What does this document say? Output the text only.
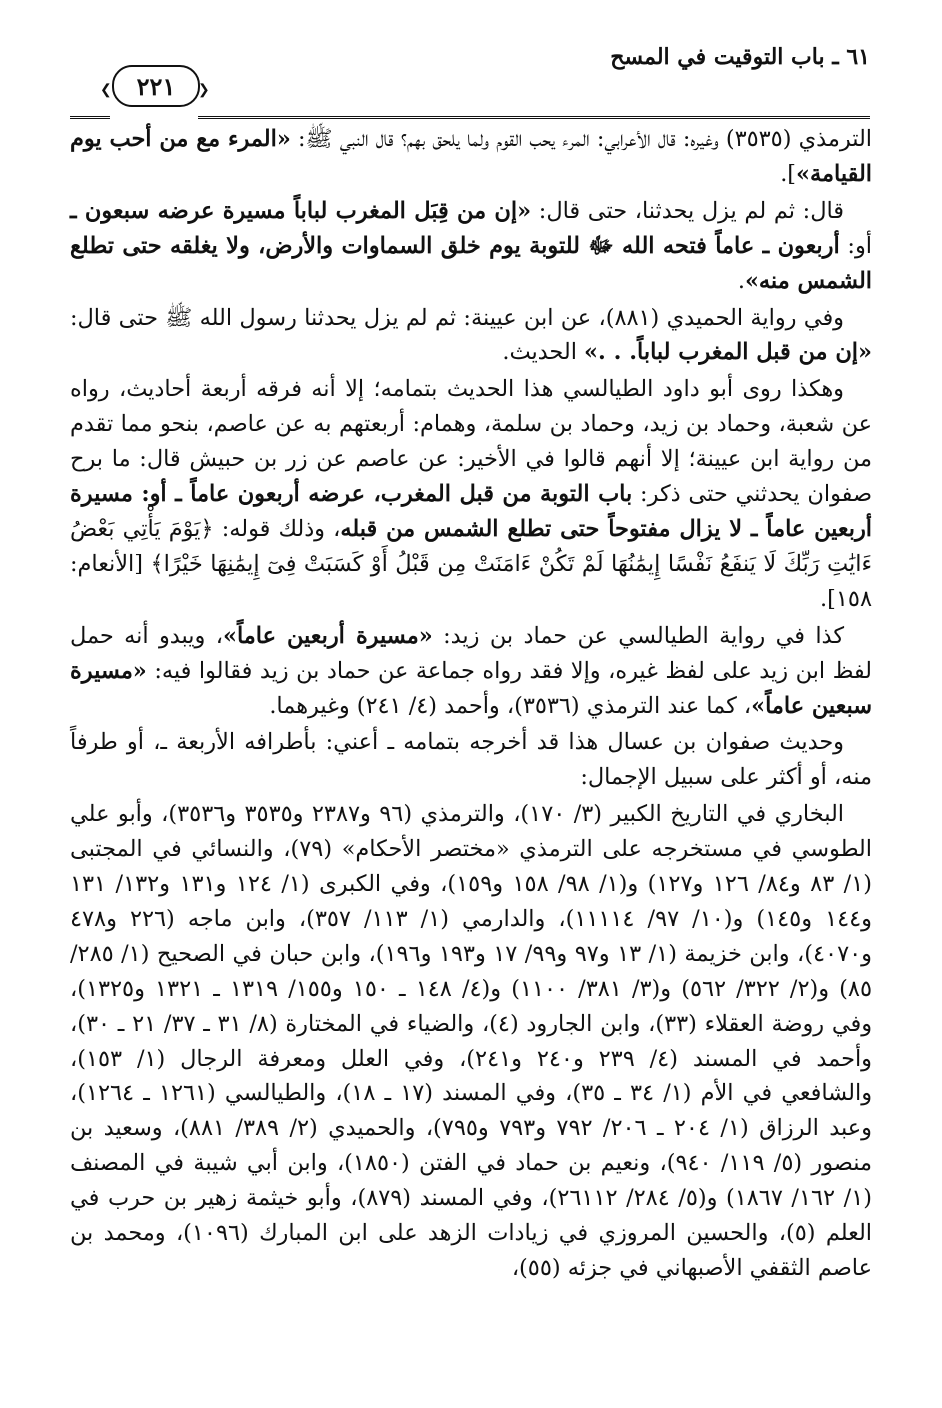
٦١ ـ باب التوقيت في المسح
٢٢١
❮	❯

الترمذي (٣٥٣٥) وغيره: قال الأعرابي: المرء يحب القوم ولما يلحق بهم؟ قال النبي ﷺ: «المرء مع من أحب يوم القيامة»].

قال: ثم لم يزل يحدثنا، حتى قال: «إن من قِبَل المغرب لباباً مسيرة عرضه سبعون ـ أو: أربعون ـ عاماً فتحه الله ﷻ للتوبة يوم خلق السماوات والأرض، ولا يغلقه حتى تطلع الشمس منه».

وفي رواية الحميدي (٨٨١)، عن ابن عيينة: ثم لم يزل يحدثنا رسول الله ﷺ حتى قال: «إن من قبل المغرب لباباً. . .» الحديث.

وهكذا روى أبو داود الطيالسي هذا الحديث بتمامه؛ إلا أنه فرقه أربعة أحاديث، رواه عن شعبة، وحماد بن زيد، وحماد بن سلمة، وهمام: أربعتهم به عن عاصم، بنحو مما تقدم من رواية ابن عيينة؛ إلا أنهم قالوا في الأخير: عن عاصم عن زر بن حبيش قال: ما برح صفوان يحدثني حتى ذكر: باب التوبة من قبل المغرب، عرضه أربعون عاماً ـ أو: مسيرة أربعين عاماً ـ لا يزال مفتوحاً حتى تطلع الشمس من قبله، وذلك قوله: ﴿يَوْمَ يَأْتِي بَعْضُ ءَايَٰتِ رَبِّكَ لَا يَنفَعُ نَفْسًا إِيمَٰنُهَا لَمْ تَكُنْ ءَامَنَتْ مِن قَبْلُ أَوْ كَسَبَتْ فِىٓ إِيمَٰنِهَا خَيْرًا﴾ [الأنعام: ١٥٨].

كذا في رواية الطيالسي عن حماد بن زيد: «مسيرة أربعين عاماً»، ويبدو أنه حمل لفظ ابن زيد على لفظ غيره، وإلا فقد رواه جماعة عن حماد بن زيد فقالوا فيه: «مسيرة سبعين عاماً»، كما عند الترمذي (٣٥٣٦)، وأحمد (٤/ ٢٤١) وغيرهما.

وحديث صفوان بن عسال هذا قد أخرجه بتمامه ـ أعني: بأطرافه الأربعة ـ، أو طرفاً منه، أو أكثر على سبيل الإجمال:

البخاري في التاريخ الكبير (٣/ ١٧٠)، والترمذي (٩٦ و٢٣٨٧ و٣٥٣٥ و٣٥٣٦)، وأبو علي الطوسي في مستخرجه على الترمذي «مختصر الأحكام» (٧٩)، والنسائي في المجتبى (١/ ٨٣ و٨٤/ ١٢٦ و١٢٧) و(١/ ٩٨/ ١٥٨ و١٥٩)، وفي الكبرى (١/ ١٢٤ و١٣١ و١٣٢/ ١٣١ و١٤٤ و١٤٥) و(١٠/ ٩٧/ ١١١١٤)، والدارمي (١/ ١١٣/ ٣٥٧)، وابن ماجه (٢٢٦ و٤٧٨ و٤٠٧٠)، وابن خزيمة (١/ ١٣ و٩٧ و٩٩/ ١٧ و١٩٣ و١٩٦)، وابن حبان في الصحيح (١/ ٢٨٥/ ٨٥) و(٢/ ٣٢٢/ ٥٦٢) و(٣/ ٣٨١/ ١١٠٠) و(٤/ ١٤٨ ـ ١٥٠ و١٥٥/ ١٣١٩ ـ ١٣٢١ و١٣٢٥)، وفي روضة العقلاء (٣٣)، وابن الجارود (٤)، والضياء في المختارة (٨/ ٣١ ـ ٣٧/ ٢١ ـ ٣٠)، وأحمد في المسند (٤/ ٢٣٩ و٢٤٠ و٢٤١)، وفي العلل ومعرفة الرجال (١/ ١٥٣)، والشافعي في الأم (١/ ٣٤ ـ ٣٥)، وفي المسند (١٧ ـ ١٨)، والطيالسي (١٢٦١ ـ ١٢٦٤)، وعبد الرزاق (١/ ٢٠٤ ـ ٢٠٦/ ٧٩٢ و٧٩٣ و٧٩٥)، والحميدي (٢/ ٣٨٩/ ٨٨١)، وسعيد بن منصور (٥/ ١١٩/ ٩٤٠)، ونعيم بن حماد في الفتن (١٨٥٠)، وابن أبي شيبة في المصنف (١/ ١٦٢/ ١٨٦٧) و(٥/ ٢٨٤/ ٢٦١١٢)، وفي المسند (٨٧٩)، وأبو خيثمة زهير بن حرب في العلم (٥)، والحسين المروزي في زيادات الزهد على ابن المبارك (١٠٩٦)، ومحمد بن عاصم الثقفي الأصبهاني في جزئه (٥٥)،
